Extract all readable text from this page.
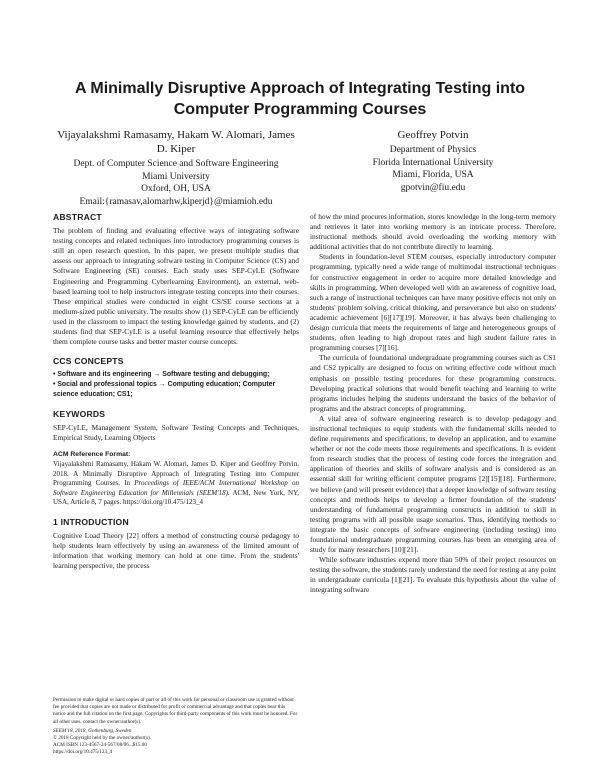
A Minimally Disruptive Approach of Integrating Testing into Computer Programming Courses
Vijayalakshmi Ramasamy, Hakam W. Alomari, James D. Kiper
Dept. of Computer Science and Software Engineering
Miami University
Oxford, OH, USA
Email:{ramasav,alomarhw,kiperjd}@miamioh.edu
Geoffrey Potvin
Department of Physics
Florida International University
Miami, Florida, USA
gpotvin@fiu.edu
ABSTRACT

The problem of finding and evaluating effective ways of integrating software testing concepts and related techniques into introductory programming courses is still an open research question. In this paper, we present multiple studies that assess our approach to integrating software testing in Computer Science (CS) and Software Engineering (SE) courses. Each study uses SEP-CyLE (Software Engineering and Programming Cyberlearning Environment), an external, web-based learning tool to help instructors integrate testing concepts into their courses. These empirical studies were conducted in eight CS/SE course sections at a medium-sized public university. The results show (1) SEP-CyLE can be efficiently used in the classroom to impact the testing knowledge gained by students, and (2) students find that SEP-CyLE is a useful learning resource that effectively helps them complete course tasks and better master course concepts.

CCS CONCEPTS
• Software and its engineering → Software testing and debugging;
• Social and professional topics → Computing education; Computer science education; CS1;
KEYWORDS

SEP-CyLE, Management System, Software Testing Concepts and Techniques, Empirical Study, Learning Objects

ACM Reference Format:

Vijayalakshmi Ramasamy, Hakam W. Alomari, James D. Kiper and Geoffrey Potvin. 2018. A Minimally Disruptive Approach of Integrating Testing into Computer Programming Courses. In Proceedings of IEEE/ACM International Workshop on Software Engineering Education for Millennials (SEEM'18). ACM, New York, NY, USA, Article 8, 7 pages. https://doi.org/10.475/123_4

1 INTRODUCTION

Cognitive Load Theory [22] offers a method of constructing course pedagogy to help students learn effectively by using an awareness of the limited amount of information that working memory can hold at one time. From the students' learning perspective, the process

Permission to make digital or hard copies of part or all of this work for personal or classroom use is granted without fee provided that copies are not made or distributed for profit or commercial advantage and that copies bear this notice and the full citation on the first page. Copyrights for third-party components of this work must be honored. For all other uses, contact the owner/author(s).

SEEM'18, 2018, Gothenburg, Sweden

© 2018 Copyright held by the owner/author(s).

ACM ISBN 123-4567-24-567/08/06...$15.00

https://doi.org/10.475/123_4

of how the mind procures information, stores knowledge in the long-term memory and retrieves it later into working memory is an intricate process. Therefore, instructional methods should avoid overloading the working memory with additional activities that do not contribute directly to learning.

Students in foundation-level STEM courses, especially introductory computer programming, typically need a wide range of multimodal instructional techniques for constructive engagement in order to acquire more detailed knowledge and skills in programming. When developed well with an awareness of cognitive load, such a range of instructional techniques can have many positive effects not only on students' problem solving, critical thinking, and perseverance but also on students' academic achievement [6][17][19]. Moreover, it has always been challenging to design curricula that meets the requirements of large and heterogeneous groups of students, often leading to high dropout rates and high student failure rates in programming courses [7][16].

The curricula of foundational undergraduate programming courses such as CS1 and CS2 typically are designed to focus on writing effective code without much emphasis on possible testing procedures for these programming constructs. Developing practical solutions that would benefit teaching and learning to write programs includes helping the students understand the basics of the behavior of programs and the abstract concepts of programming.

A vital area of software engineering research is to develop pedagogy and instructional techniques to equip students with the fundamental skills needed to define requirements and specifications, to develop an application, and to examine whether or not the code meets those requirements and specifications. It is evident from research studies that the process of testing code forces the integration and application of theories and skills of software analysis and is considered as an essential skill for writing efficient computer programs [2][15][18]. Furthermore, we believe (and will present evidence) that a deeper knowledge of software testing concepts and methods helps to develop a firmer foundation of the students' understanding of fundamental programming constructs in addition to skill in testing programs with all possible usage scenarios. Thus, identifying methods to integrate the basic concepts of software engineering (including testing) into foundational undergraduate programming courses has been an emerging area of study for many researchers [10][21].

While software industries expend more than 50% of their project resources on testing the software, the students rarely understand the need for testing at any point in undergraduate curricula [1][21]. To evaluate this hypothesis about the value of integrating software
